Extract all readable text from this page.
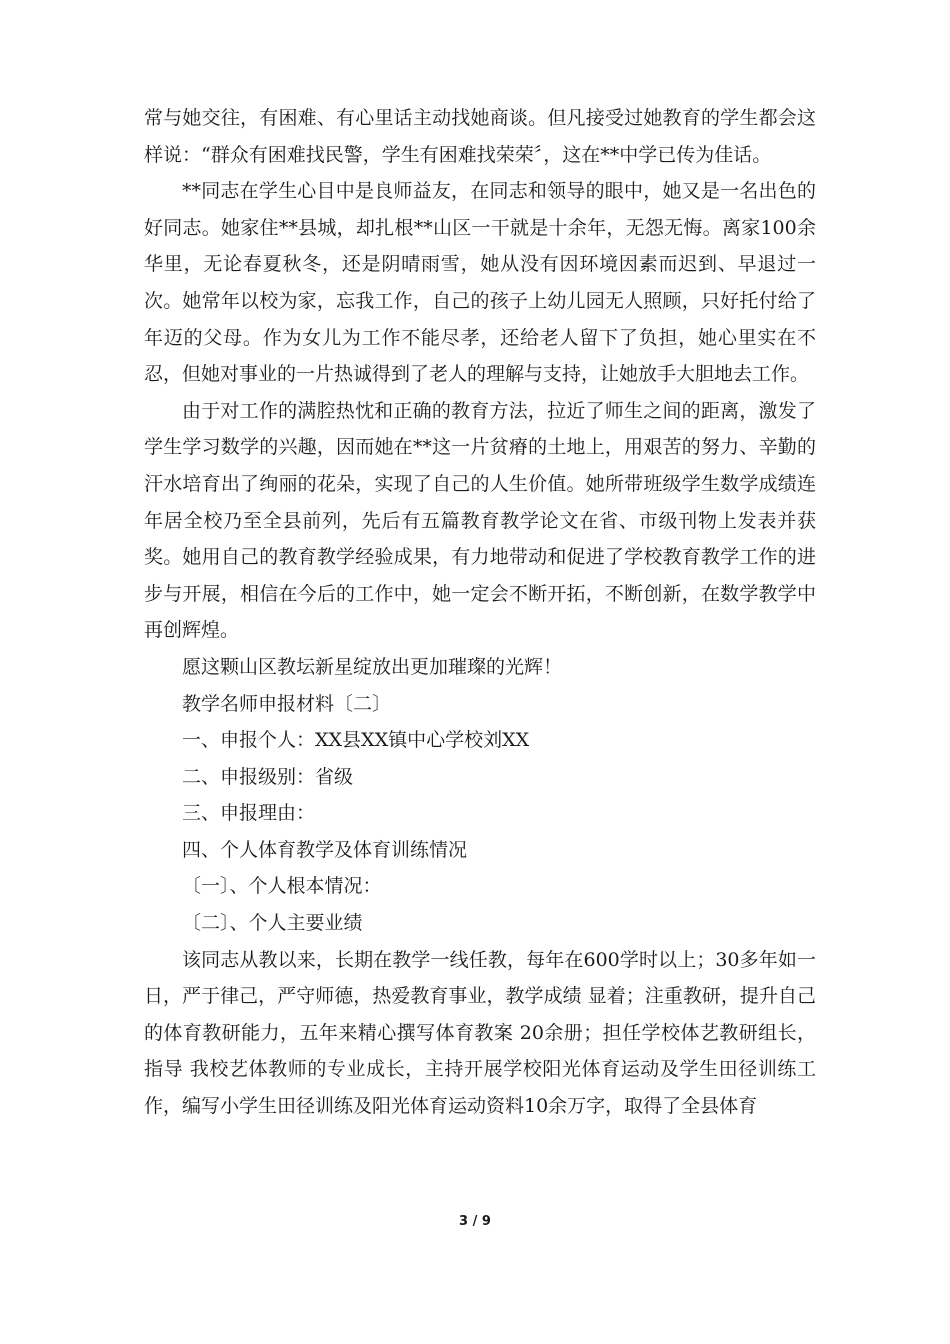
常与她交往，有困难、有心里话主动找她商谈。但凡接受过她教育的学生都会这样说：“群众有困难找民警，学生有困难找荣荣〞，这在**中学已传为佳话。

**同志在学生心目中是良师益友，在同志和领导的眼中，她又是一名出色的好同志。她家住**县城，却扎根**山区一干就是十余年，无怨无悔。离家100余华里，无论春夏秋冬，还是阴晴雨雪，她从没有因环境因素而迟到、早退过一次。她常年以校为家，忘我工作，自己的孩子上幼儿园无人照顾，只好托付给了年迈的父母。作为女儿为工作不能尽孝，还给老人留下了负担，她心里实在不忍，但她对事业的一片热诚得到了老人的理解与支持，让她放手大胆地去工作。

由于对工作的满腔热忱和正确的教育方法，拉近了师生之间的距离，激发了学生学习数学的兴趣，因而她在**这一片贫瘠的土地上，用艰苦的努力、辛勤的汗水培育出了绚丽的花朵，实现了自己的人生价值。她所带班级学生数学成绩连年居全校乃至全县前列，先后有五篇教育教学论文在省、市级刊物上发表并获奖。她用自己的教育教学经验成果，有力地带动和促进了学校教育教学工作的进步与开展，相信在今后的工作中，她一定会不断开拓，不断创新，在数学教学中再创辉煌。

愿这颗山区教坛新星绽放出更加璀璨的光辉！

教学名师申报材料〔二〕

一、申报个人：XX县XX镇中心学校刘XX

二、申报级别：省级

三、申报理由：

四、个人体育教学及体育训练情况

〔一〕、个人根本情况：

〔二〕、个人主要业绩

该同志从教以来，长期在教学一线任教，每年在600学时以上；30多年如一日，严于律己，严守师德，热爱教育事业，教学成绩 显着；注重教研，提升自己的体育教研能力，五年来精心撰写体育教案 20余册；担任学校体艺教研组长，指导 我校艺体教师的专业成长，主持开展学校阳光体育运动及学生田径训练工作，编写小学生田径训练及阳光体育运动资料10余万字，取得了全县体育

3 / 9
